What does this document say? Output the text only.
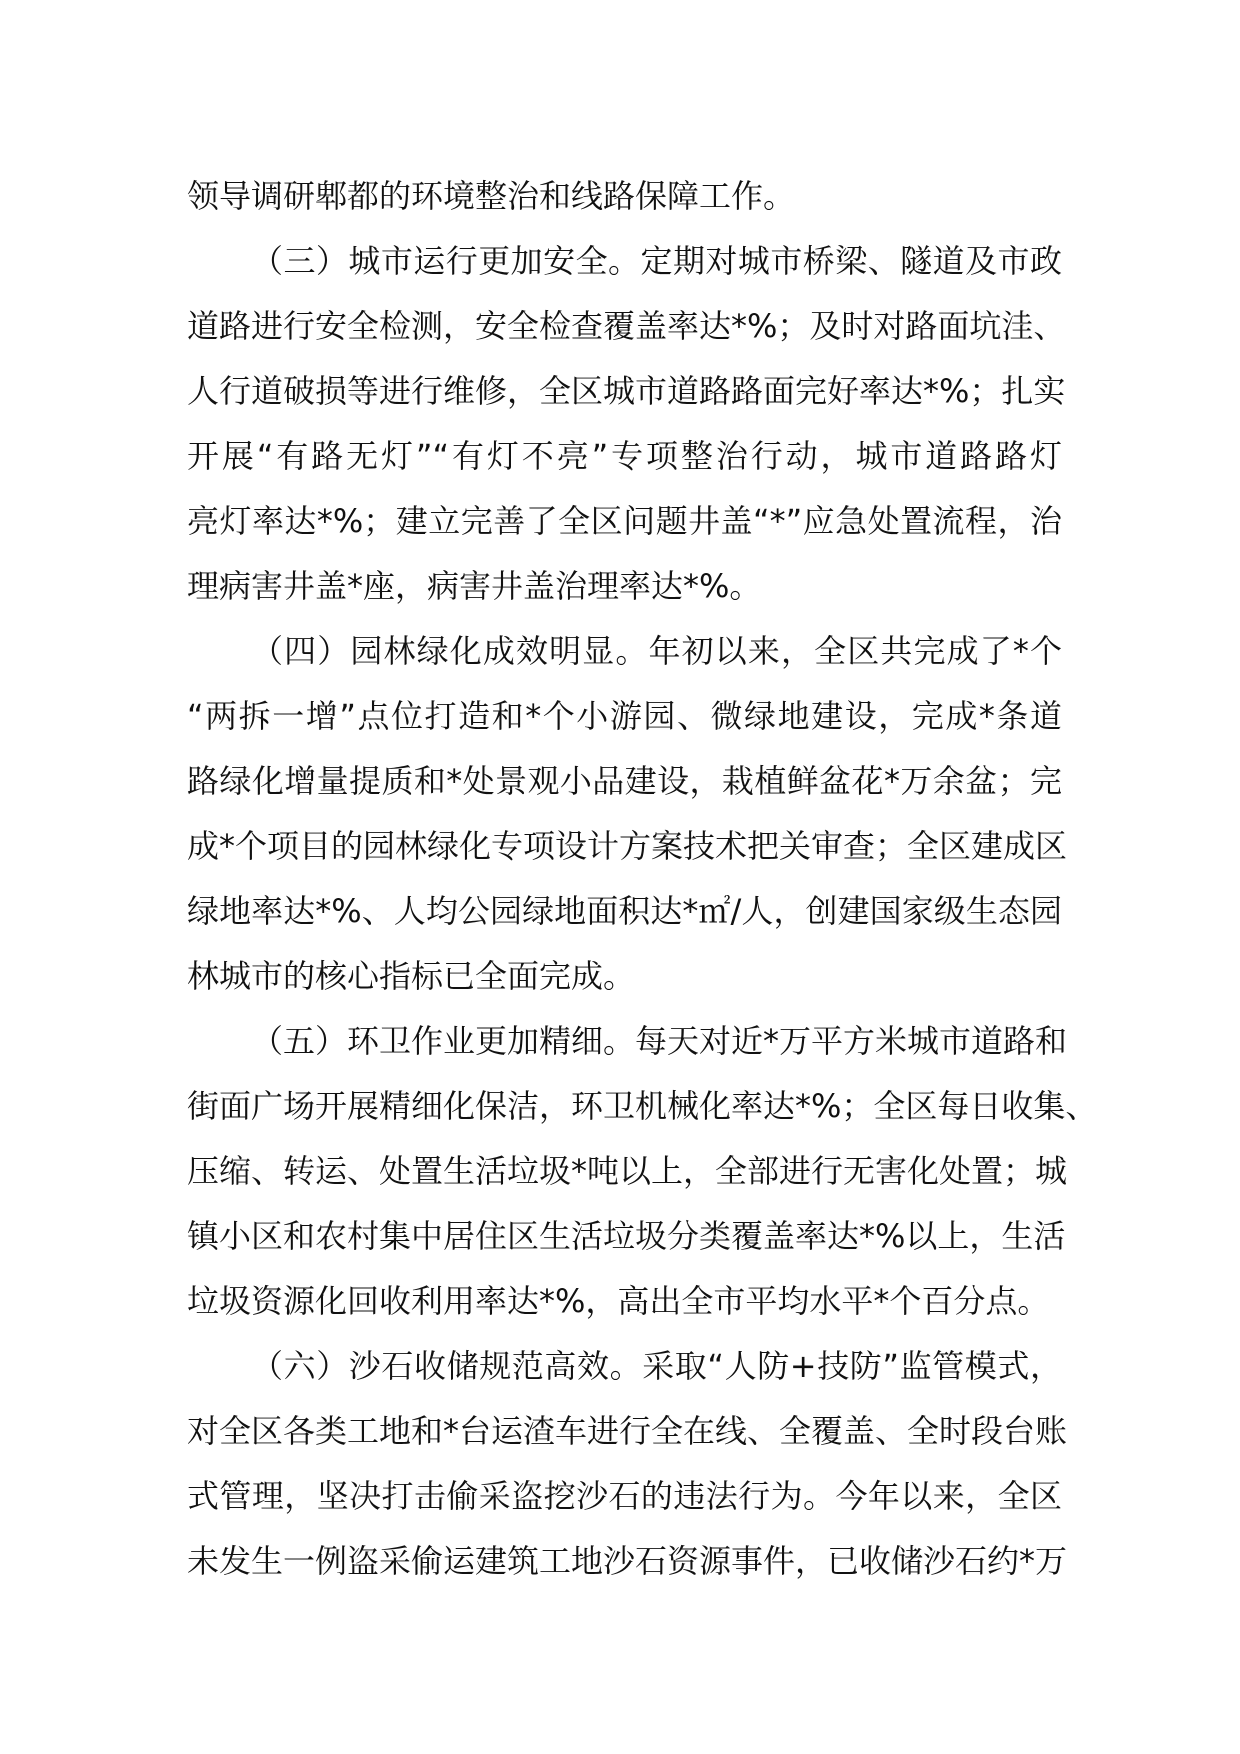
领导调研郫都的环境整治和线路保障工作。
（三）城市运行更加安全。定期对城市桥梁、隧道及市政
道路进行安全检测，安全检查覆盖率达*%；及时对路面坑洼、
人行道破损等进行维修，全区城市道路路面完好率达*%；扎实
开展“有路无灯”“有灯不亮”专项整治行动，城市道路路灯
亮灯率达*%；建立完善了全区问题井盖“*”应急处置流程，治
理病害井盖*座，病害井盖治理率达*%。
（四）园林绿化成效明显。年初以来，全区共完成了*个
“两拆一增”点位打造和*个小游园、微绿地建设，完成*条道
路绿化增量提质和*处景观小品建设，栽植鲜盆花*万余盆；完
成*个项目的园林绿化专项设计方案技术把关审查；全区建成区
绿地率达*%、人均公园绿地面积达*㎡/人，创建国家级生态园
林城市的核心指标已全面完成。
（五）环卫作业更加精细。每天对近*万平方米城市道路和
街面广场开展精细化保洁，环卫机械化率达*%；全区每日收集、
压缩、转运、处置生活垃圾*吨以上，全部进行无害化处置；城
镇小区和农村集中居住区生活垃圾分类覆盖率达*%以上，生活
垃圾资源化回收利用率达*%，高出全市平均水平*个百分点。
（六）沙石收储规范高效。采取“人防+技防”监管模式，
对全区各类工地和*台运渣车进行全在线、全覆盖、全时段台账
式管理，坚决打击偷采盗挖沙石的违法行为。今年以来，全区
未发生一例盗采偷运建筑工地沙石资源事件，已收储沙石约*万
